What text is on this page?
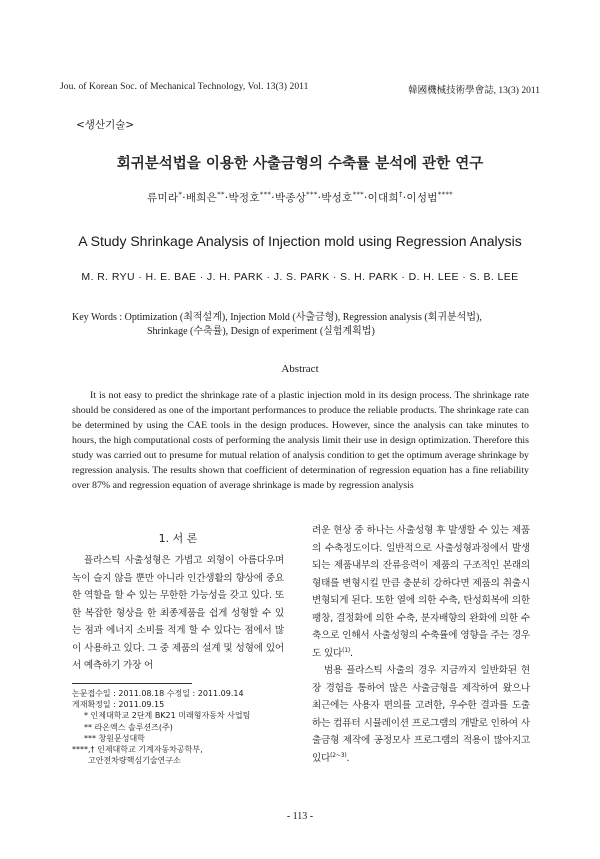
Jou. of Korean Soc. of Mechanical Technology, Vol. 13(3) 2011	韓國機械技術學會誌, 13(3) 2011
<생산기술>
회귀분석법을 이용한 사출금형의 수축률 분석에 관한 연구
류미라*·배희은**·박정호***·박종상***·박성호***·이대희†·이성범****
A Study Shrinkage Analysis of Injection mold using Regression Analysis
M. R. RYU · H. E. BAE · J. H. PARK · J. S. PARK · S. H. PARK · D. H. LEE · S. B. LEE
Key Words : Optimization (최적설계), Injection Mold (사출금형), Regression analysis (회귀분석법),
Shrinkage (수축률), Design of experiment (실험계획법)
Abstract
It is not easy to predict the shrinkage rate of a plastic injection mold in its design process. The shrinkage rate should be considered as one of the important performances to produce the reliable products. The shrinkage rate can be determined by using the CAE tools in the design produces. However, since the analysis can take minutes to hours, the high computational costs of performing the analysis limit their use in design optimization. Therefore this study was carried out to presume for mutual relation of analysis condition to get the optimum average shrinkage by regression analysis. The results shown that coefficient of determination of regression equation has a fine reliability over 87% and regression equation of average shrinkage is made by regression analysis
1. 서 론
플라스틱 사출성형은 가볍고 외형이 아름다우며 녹이 슬지 않을 뿐만 아니라 인간생활의 향상에 중요한 역할을 할 수 있는 무한한 가능성을 갖고 있다. 또한 복잡한 형상을 한 최종제품을 쉽게 성형할 수 있는 점과 에너지 소비를 적게 할 수 있다는 점에서 많이 사용하고 있다. 그 중 제품의 설계 및 성형에 있어서 예측하기 가장 어

려운 현상 중 하나는 사출성형 후 발생할 수 있는 제품의 수축정도이다. 일반적으로 사출성형과정에서 발생되는 제품내부의 잔류응력이 제품의 구조적인 본래의 형태를 변형시킬 만큼 충분히 강하다면 제품의 취출시 변형되게 된다. 또한 열에 의한 수축, 탄성회복에 의한 팽창, 결정화에 의한 수축, 분자배향의 완화에 의한 수축으로 인해서 사출성형의 수축률에 영향을 주는 경우도 있다$^{(1)}$.

범용 플라스틱 사출의 경우 지금까지 일반화된 현장 경험을 통하여 많은 사출금형을 제작하여 왔으나 최근에는 사용자 편의를 고려한, 우수한 결과를 도출하는 컴퓨터 시뮬레이션 프로그램의 개발로 인하여 사출금형 제작에 공정모사 프로그램의 적용이 많아지고 있다$^{(2\sim 3)}$.

논문접수일 : 2011.08.18 수정일 : 2011.09.14
게재확정일 : 2011.09.15
* 인제대학교 2단계 BK21 미래형자동차 사업팀
** 라온엑스 솔루션즈(주)
*** 창원문성대학
****,† 인제대학교 기계자동차공학부,
고안전차량핵심기술연구소
- 113 -
